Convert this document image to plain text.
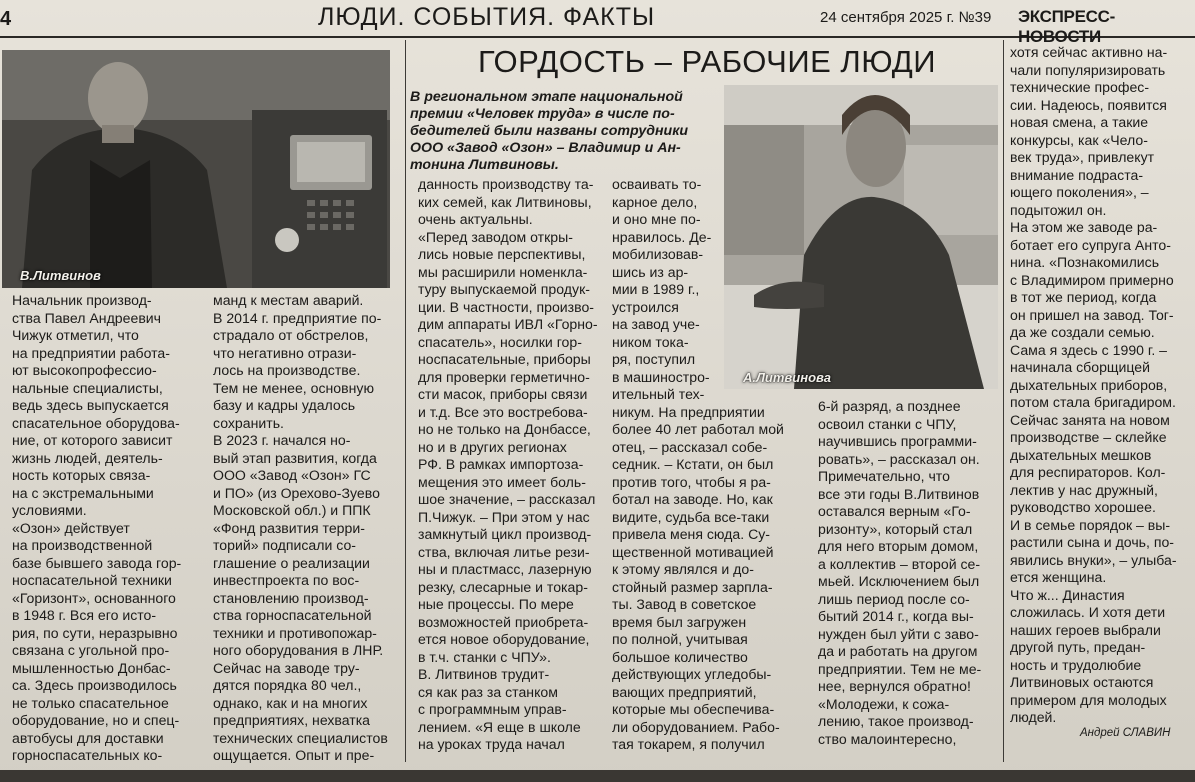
4	ЛЮДИ. СОБЫТИЯ. ФАКТЫ	24 сентября 2025 г. №39 ЭКСПРЕСС-НОВОСТИ
В.Литвинов
ГОРДОСТЬ – РАБОЧИЕ ЛЮДИ

В региональном этапе национальной

премии «Человек труда» в числе по-

бедителей были названы сотрудники

ООО «Завод «Озон» – Владимир и Ан-

тонина Литвиновы.

А.Литвинова

Начальник производ-

ства Павел Андреевич

Чижук отметил, что

на предприятии работа-

ют высокопрофессио-

нальные специалисты,

ведь здесь выпускается

спасательное оборудова-

ние, от которого зависит

жизнь людей, деятель-

ность которых связа-

на с экстремальными

условиями.

«Озон» действует

на производственной

базе бывшего завода гор-

носпасательной техники

«Горизонт», основанного

в 1948 г. Вся его исто-

рия, по сути, неразрывно

связана с угольной про-

мышленностью Донбас-

са. Здесь производилось

не только спасательное

оборудование, но и спец-

автобусы для доставки

горноспасательных ко-

манд к местам аварий.

В 2014 г. предприятие по-

страдало от обстрелов,

что негативно отрази-

лось на производстве.

Тем не менее, основную

базу и кадры удалось

сохранить.

В 2023 г. начался но-

вый этап развития, когда

ООО «Завод «Озон» ГС

и ПО» (из Орехово-Зуево

Московской обл.) и ППК

«Фонд развития терри-

торий» подписали со-

глашение о реализации

инвестпроекта по вос-

становлению производ-

ства горноспасательной

техники и противопожар-

ного оборудования в ЛНР.

Сейчас на заводе тру-

дятся порядка 80 чел.,

однако, как и на многих

предприятиях, нехватка

технических специалистов

ощущается. Опыт и пре-

данность производству та-

ких семей, как Литвиновы,

очень актуальны.

«Перед заводом откры-

лись новые перспективы,

мы расширили номенкла-

туру выпускаемой продук-

ции. В частности, произво-

дим аппараты ИВЛ «Горно-

спасатель», носилки гор-

носпасательные, приборы

для проверки герметично-

сти масок, приборы связи

и т.д. Все это востребова-

но не только на Донбассе,

но и в других регионах

РФ. В рамках импортоза-

мещения это имеет боль-

шое значение, – рассказал

П.Чижук. – При этом у нас

замкнутый цикл производ-

ства, включая литье рези-

ны и пластмасс, лазерную

резку, слесарные и токар-

ные процессы. По мере

возможностей приобрета-

ется новое оборудование,

в т.ч. станки с ЧПУ».

В. Литвинов трудит-

ся как раз за станком

с программным управ-

лением. «Я еще в школе

на уроках труда начал

осваивать то-

карное дело,

и оно мне по-

нравилось. Де-

мобилизовав-

шись из ар-

мии в 1989 г.,

устроился

на завод уче-

ником тока-

ря, поступил

в машиностро-

ительный тех-

никум. На предприятии

более 40 лет работал мой

отец, – рассказал собе-

седник. – Кстати, он был

против того, чтобы я ра-

ботал на заводе. Но, как

видите, судьба все-таки

привела меня сюда. Су-

щественной мотивацией

к этому являлся и до-

стойный размер зарпла-

ты. Завод в советское

время был загружен

по полной, учитывая

большое количество

действующих угледобы-

вающих предприятий,

которые мы обеспечива-

ли оборудованием. Рабо-

тая токарем, я получил

6-й разряд, а позднее

освоил станки с ЧПУ,

научившись программи-

ровать», – рассказал он.

Примечательно, что

все эти годы В.Литвинов

оставался верным «Го-

ризонту», который стал

для него вторым домом,

а коллектив – второй се-

мьей. Исключением был

лишь период после со-

бытий 2014 г., когда вы-

нужден был уйти с заво-

да и работать на другом

предприятии. Тем не ме-

нее, вернулся обратно!

«Молодежи, к сожа-

лению, такое производ-

ство малоинтересно,

хотя сейчас активно на-

чали популяризировать

технические профес-

сии. Надеюсь, появится

новая смена, а такие

конкурсы, как «Чело-

век труда», привлекут

внимание подраста-

ющего поколения», –

подытожил он.

На этом же заводе ра-

ботает его супруга Анто-

нина. «Познакомились

с Владимиром примерно

в тот же период, когда

он пришел на завод. Тог-

да же создали семью.

Сама я здесь с 1990 г. –

начинала сборщицей

дыхательных приборов,

потом стала бригадиром.

Сейчас занята на новом

производстве – склейке

дыхательных мешков

для респираторов. Кол-

лектив у нас дружный,

руководство хорошее.

И в семье порядок – вы-

растили сына и дочь, по-

явились внуки», – улыба-

ется женщина.

Что ж... Династия

сложилась. И хотя дети

наших героев выбрали

другой путь, предан-

ность и трудолюбие

Литвиновых остаются

примером для молодых

людей.

Андрей СЛАВИН
